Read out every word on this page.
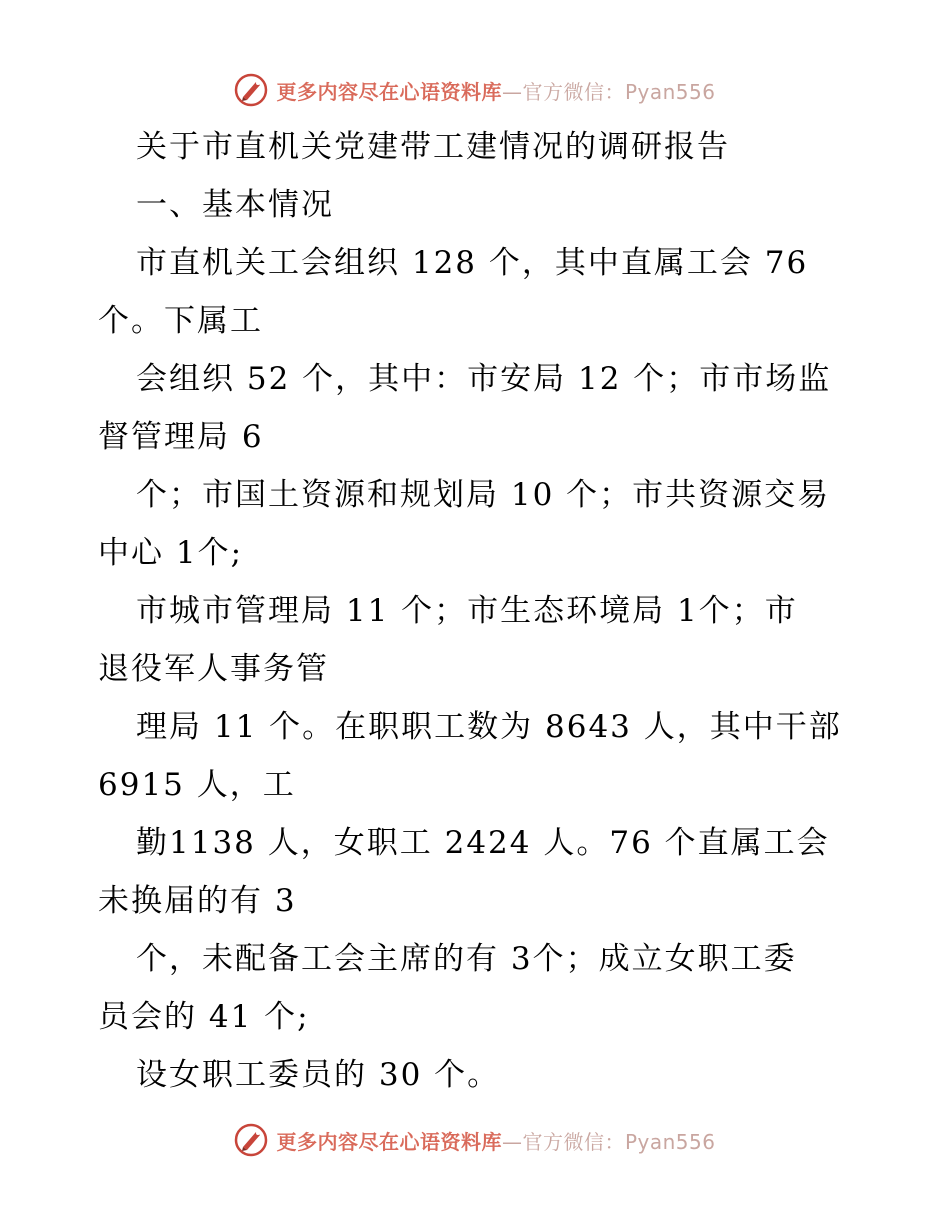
更多内容尽在心语资料库 —官方微信：Pyan556
关于市直机关党建带工建情况的调研报告
一、基本情况
市直机关工会组织 128 个，其中直属工会 76
个。下属工
会组织 52 个，其中：市安局 12 个；市市场监
督管理局 6
个；市国土资源和规划局 10 个；市共资源交易
中心 1个;
市城市管理局 11 个；市生态环境局 1个；市
退役军人事务管
理局 11 个。在职职工数为 8643 人，其中干部
6915 人，工
勤1138 人，女职工 2424 人。76 个直属工会
未换届的有 3
个，未配备工会主席的有 3个；成立女职工委
员会的 41 个;
设女职工委员的 30 个。
更多内容尽在心语资料库 —官方微信：Pyan556
